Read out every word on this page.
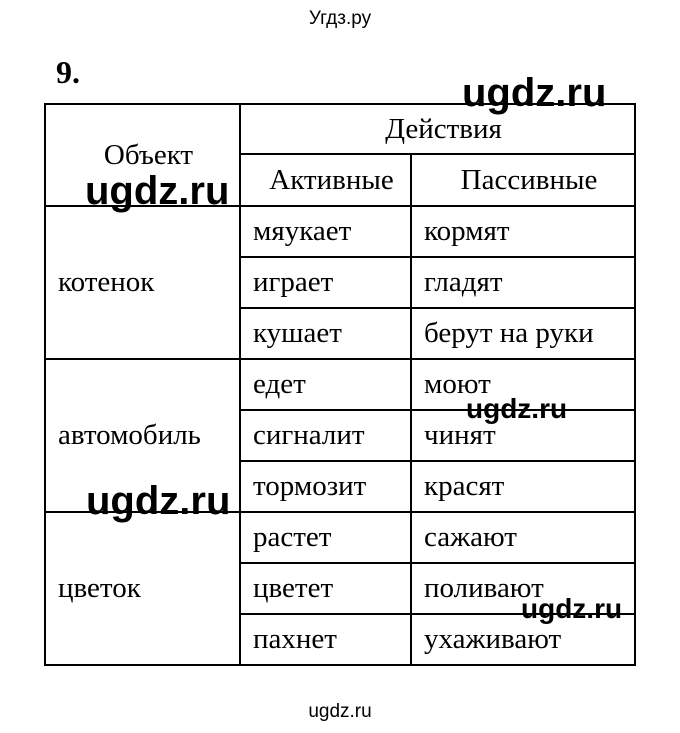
Угдз.ру
9.
Объект	Действия	
	Активные	Пассивные
котенок	мяукает	кормят
	играет	гладят
	кушает	берут на руки
автомобиль	едет	моют
	сигналит	чинят
	тормозит	красят
цветок	растет	сажают
	цветет	поливают
	пахнет	ухаживают
ugdz.ru
ugdz.ru
ugdz.ru
ugdz.ru
ugdz.ru
ugdz.ru
